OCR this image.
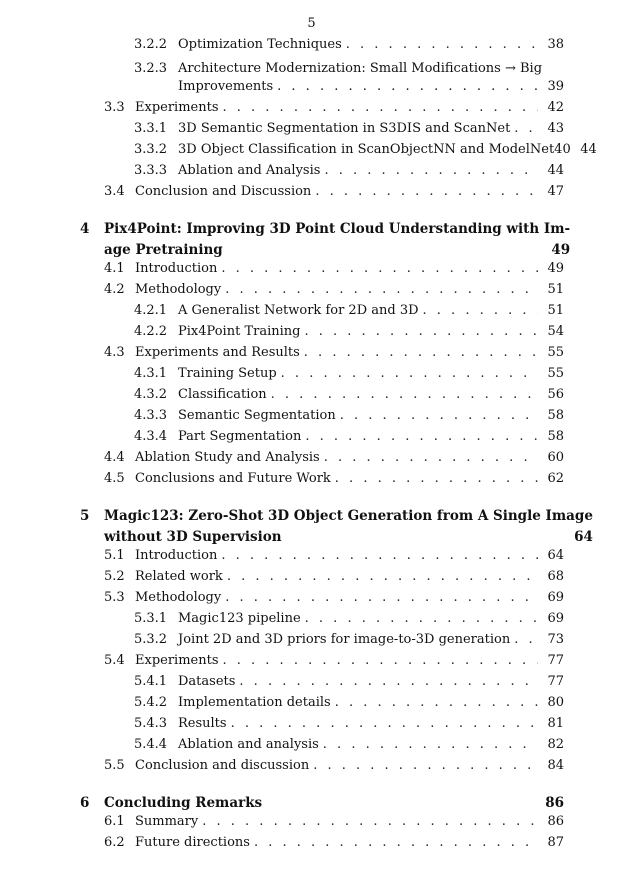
5
3.2.2 Optimization Techniques . . .	38
3.2.3 Architecture Modernization: Small Modifications → Big
Improvements . . .	39
3.3 Experiments . . .	42
3.3.1 3D Semantic Segmentation in S3DIS and ScanNet . . .	43
3.3.2 3D Object Classification in ScanObjectNN and ModelNet40 44
3.3.3 Ablation and Analysis . . .	44
3.4 Conclusion and Discussion . . .	47
4	Pix4Point: Improving 3D Point Cloud Understanding with Im-
age Pretraining	49
4.1 Introduction . . .	49
4.2 Methodology . . .	51
4.2.1 A Generalist Network for 2D and 3D . . .	51
4.2.2 Pix4Point Training . . .	54
4.3 Experiments and Results . . .	55
4.3.1 Training Setup . . .	55
4.3.2 Classification . . .	56
4.3.3 Semantic Segmentation . . .	58
4.3.4 Part Segmentation . . .	58
4.4 Ablation Study and Analysis . . .	60
4.5 Conclusions and Future Work . . .	62
5	Magic123: Zero-Shot 3D Object Generation from A Single Image
without 3D Supervision	64
5.1 Introduction . . .	64
5.2 Related work . . .	68
5.3 Methodology . . .	69
5.3.1 Magic123 pipeline . . .	69
5.3.2 Joint 2D and 3D priors for image-to-3D generation . . .	73
5.4 Experiments . . .	77
5.4.1 Datasets . . .	77
5.4.2 Implementation details . . .	80
5.4.3 Results . . .	81
5.4.4 Ablation and analysis . . .	82
5.5 Conclusion and discussion . . .	84
6	Concluding Remarks	86
6.1 Summary . . .	86
6.2 Future directions . . .	87
